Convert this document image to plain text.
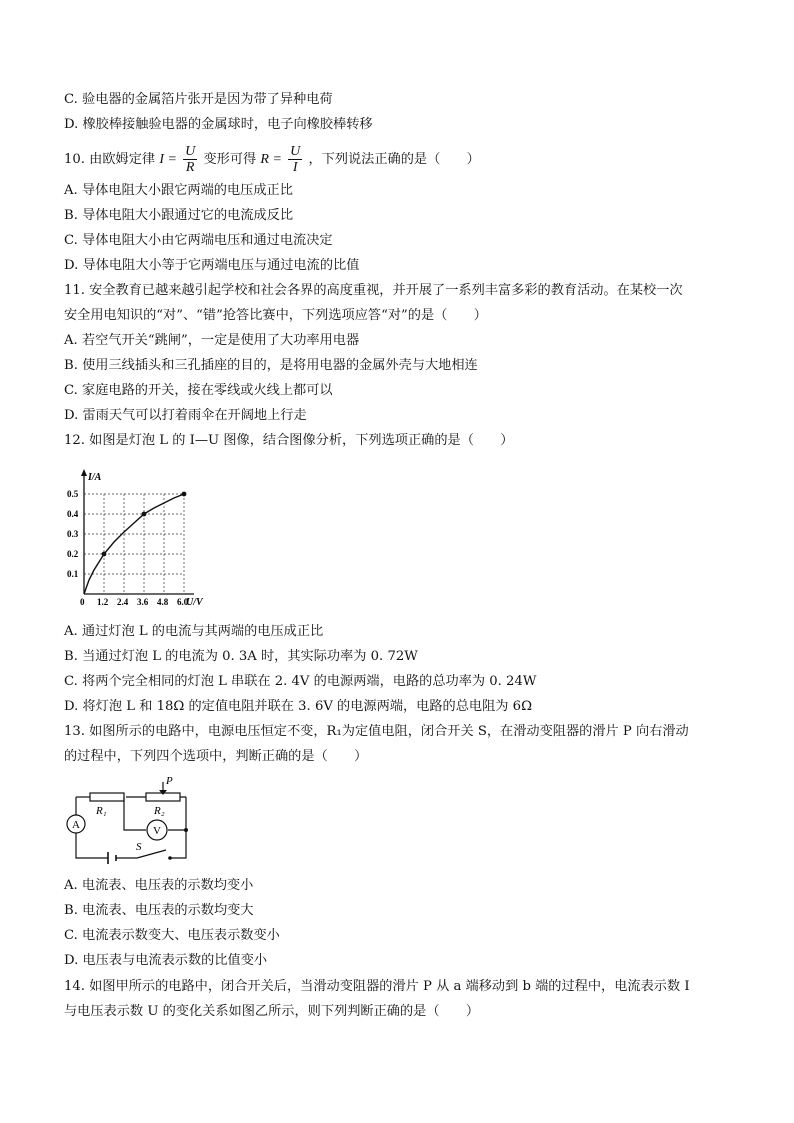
C. 验电器的金属箔片张开是因为带了异种电荷
D. 橡胶棒接触验电器的金属球时，电子向橡胶棒转移
10. 由欧姆定律 $I = \frac{U}{R}$ 变形可得 $R = \frac{U}{I}$ ，下列说法正确的是（　　）
A. 导体电阻大小跟它两端的电压成正比
B. 导体电阻大小跟通过它的电流成反比
C. 导体电阻大小由它两端电压和通过电流决定
D. 导体电阻大小等于它两端电压与通过电流的比值
11. 安全教育已越来越引起学校和社会各界的高度重视，并开展了一系列丰富多彩的教育活动。在某校一次
安全用电知识的“对”、“错”抢答比赛中，下列选项应答“对”的是（　　）
A. 若空气开关“跳闸”，一定是使用了大功率用电器
B. 使用三线插头和三孔插座的目的，是将用电器的金属外壳与大地相连
C. 家庭电路的开关，接在零线或火线上都可以
D. 雷雨天气可以打着雨伞在开阔地上行走
12. 如图是灯泡 L 的 I—U 图像，结合图像分析，下列选项正确的是（　　）
0 1.2 2.4 3.6 4.8 6.0
0.1
0.2
0.3
0.4
0.5
I/A
U/V
A. 通过灯泡 L 的电流与其两端的电压成正比
B. 当通过灯泡 L 的电流为 0. 3A 时，其实际功率为 0. 72W
C. 将两个完全相同的灯泡 L 串联在 2. 4V 的电源两端，电路的总功率为 0. 24W
D. 将灯泡 L 和 18Ω 的定值电阻并联在 3. 6V 的电源两端，电路的总电阻为 6Ω
13. 如图所示的电路中，电源电压恒定不变，R₁为定值电阻，闭合开关 S，在滑动变阻器的滑片 P 向右滑动
的过程中，下列四个选项中，判断正确的是（　　）
P
R₁	R₂
A	V
S
A. 电流表、电压表的示数均变小
B. 电流表、电压表的示数均变大
C. 电流表示数变大、电压表示数变小
D. 电压表与电流表示数的比值变小
14. 如图甲所示的电路中，闭合开关后，当滑动变阻器的滑片 P 从 a 端移动到 b 端的过程中，电流表示数 I
与电压表示数 U 的变化关系如图乙所示，则下列判断正确的是（　　）
